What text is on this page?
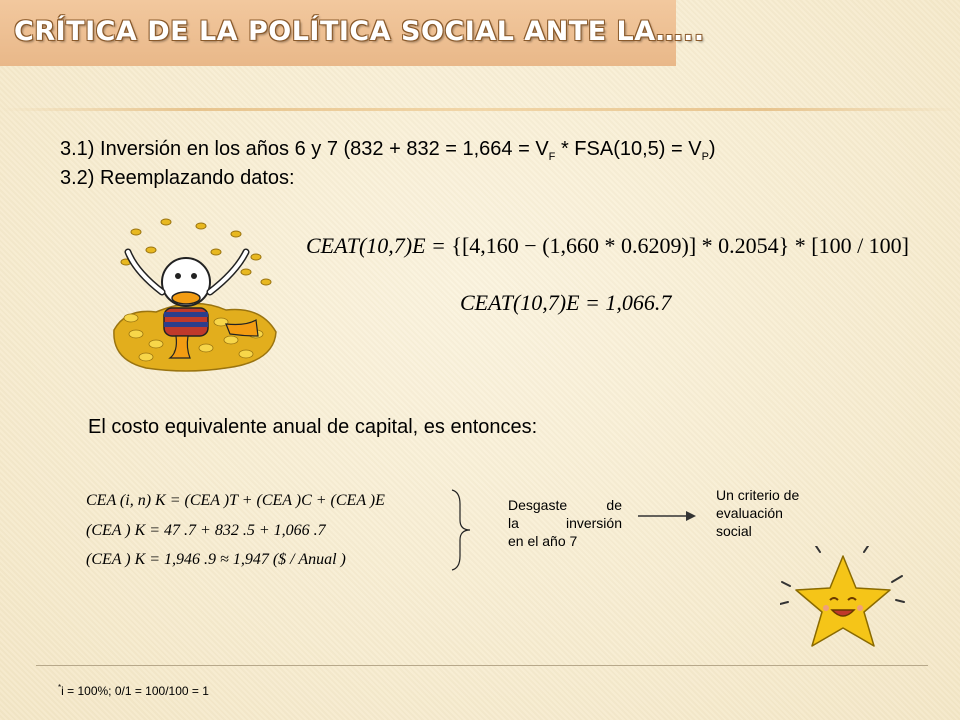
CRÍTICA DE LA POLÍTICA SOCIAL ANTE LA…..
3.1) Inversión en los años 6 y 7 $(832 + 832 = 1,664 = V_F * FSA(10,5) = V_P)$
3.2) Reemplazando datos:
CEAT(10,7)E = {[4,160 − (1,660 * 0.6209)] * 0.2054} * [100 / 100]
CEAT(10,7)E = 1,066.7
El costo equivalente anual de capital, es entonces:
CEA (i, n) K = (CEA )T + (CEA )C + (CEA )E
(CEA ) K = 47 .7 + 832 .5 + 1,066 .7
(CEA ) K = 1,946 .9 ≈ 1,947 ($ / Anual )
Desgaste de
la inversión
en el año 7
Un criterio de
evaluación
social
*i = 100%; 0/1 = 100/100 = 1
